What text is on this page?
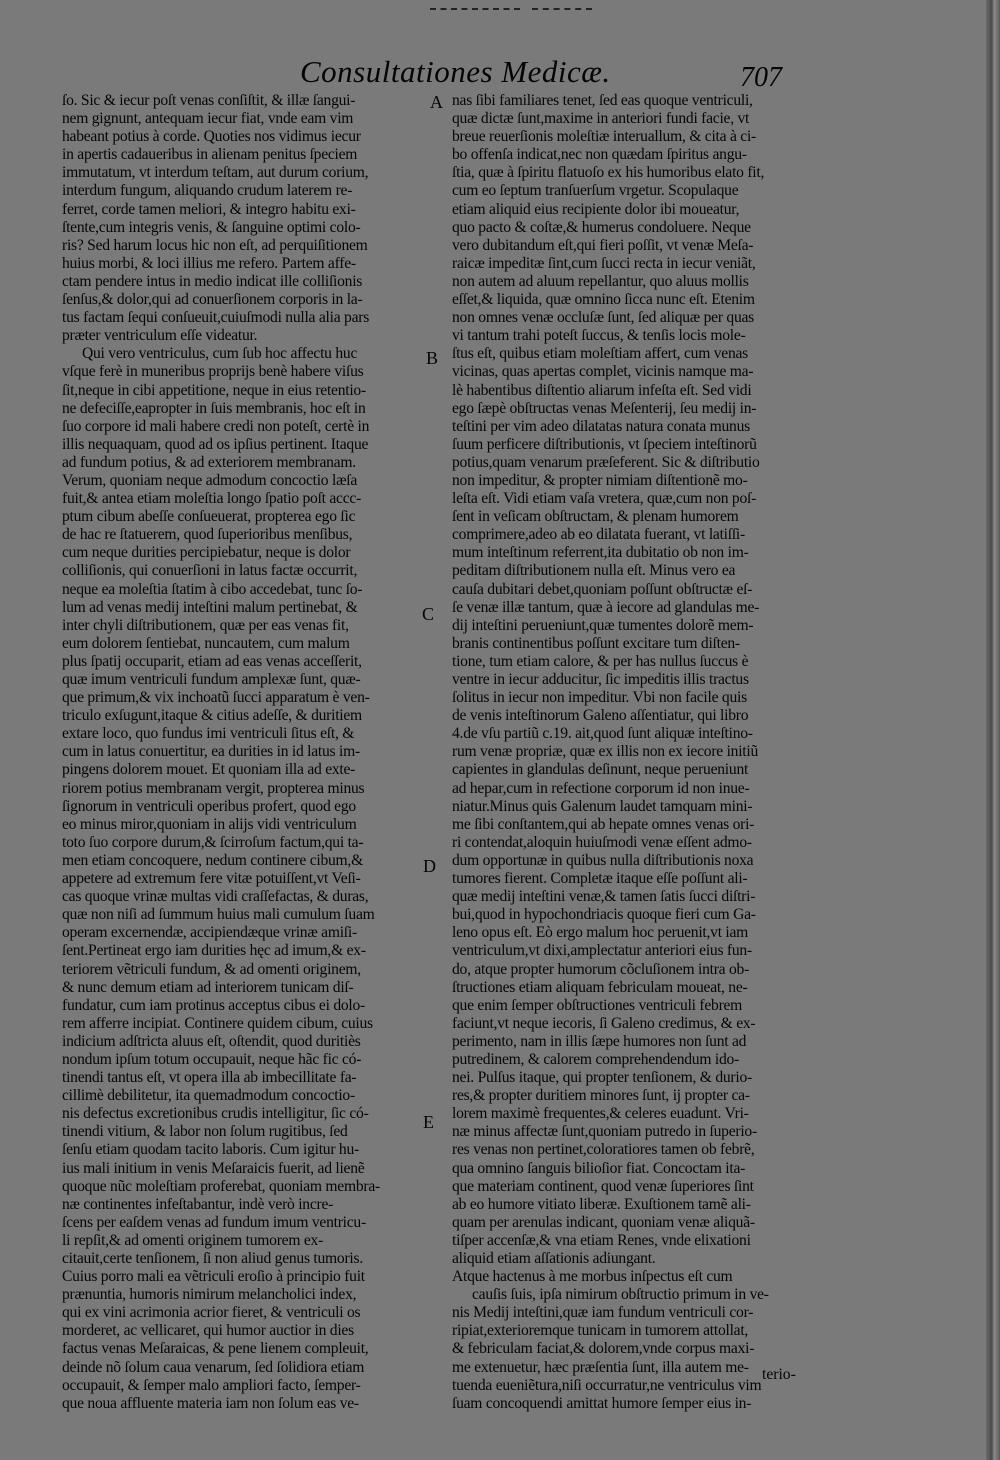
Consultationes Medicæ.	707
ſo. Sic & iecur poſt venas conſiſtit, & illæ ſangui-
nem gignunt, antequam iecur fiat, vnde eam vim
habeant potius à corde. Quoties nos vidimus iecur
in apertis cadaueribus in alienam penitus ſpeciem
immutatum, vt interdum teſtam, aut durum corium,
interdum fungum, aliquando crudum laterem re-
ferret, corde tamen meliori, & integro habitu exi-
ſtente,cum integris venis, & ſanguine optimi colo-
ris? Sed harum locus hic non eſt, ad perquiſitionem
huius morbi, & loci illius me refero. Partem affe-
ctam pendere intus in medio indicat ille colliſionis
ſenſus,& dolor,qui ad conuerſionem corporis in la-
tus factam ſequi conſueuit,cuiuſmodi nulla alia pars
præter ventriculum eſſe videatur.
Qui vero ventriculus, cum ſub hoc affectu huc
vſque ferè in muneribus proprijs benè habere viſus
ſit,neque in cibi appetitione, neque in eius retentio-
ne defeciſſe,eapropter in ſuis membranis, hoc eſt in
ſuo corpore id mali habere credi non poteſt, certè in
illis nequaquam, quod ad os ipſius pertinent. Itaque
ad fundum potius, & ad exteriorem membranam.
Verum, quoniam neque admodum concoctio læſa
fuit,& antea etiam moleſtia longo ſpatio poſt accc-
ptum cibum abeſſe conſueuerat, propterea ego ſic
de hac re ſtatuerem, quod ſuperioribus menſibus,
cum neque durities percipiebatur, neque is dolor
colliſionis, qui conuerſioni in latus factæ occurrit,
neque ea moleſtia ſtatim à cibo accedebat, tunc ſo-
lum ad venas medij inteſtini malum pertinebat, &
inter chyli diſtributionem, quæ per eas venas fit,
eum dolorem ſentiebat, nuncautem, cum malum
plus ſpatij occuparit, etiam ad eas venas acceſſerit,
quæ imum ventriculi fundum amplexæ ſunt, quæ-
que primum,& vix inchoatũ ſucci apparatum è ven-
triculo exſugunt,itaque & citius adeſſe, & duritiem
extare loco, quo fundus imi ventriculi ſitus eſt, &
cum in latus conuertitur, ea durities in id latus im-
pingens dolorem mouet. Et quoniam illa ad exte-
riorem potius membranam vergit, propterea minus
ſignorum in ventriculi operibus profert, quod ego
eo minus miror,quoniam in alijs vidi ventriculum
toto ſuo corpore durum,& ſcirroſum factum,qui ta-
men etiam concoquere, nedum continere cibum,&
appetere ad extremum fere vitæ potuiſſent,vt Veſi-
cas quoque vrinæ multas vidi craſſefactas, & duras,
quæ non niſi ad ſummum huius mali cumulum ſuam
operam excernendæ, accipiendæque vrinæ amiſi-
ſent.Pertineat ergo iam durities hęc ad imum,& ex-
teriorem vẽtriculi fundum, & ad omenti originem,
& nunc demum etiam ad interiorem tunicam diſ-
fundatur, cum iam protinus acceptus cibus ei dolo-
rem afferre incipiat. Continere quidem cibum, cuius
indicium adſtricta aluus eſt, oſtendit, quod duritiès
nondum ipſum totum occupauit, neque hãc fic có-
tinendi tantus eſt, vt opera illa ab imbecillitate fa-
cillimè debilitetur, ita quemadmodum concoctio-
nis defectus excretionibus crudis intelligitur, ſic có-
tinendi vitium, & labor non ſolum rugitibus, ſed
ſenſu etiam quodam tacito laboris. Cum igitur hu-
ius mali initium in venis Meſaraicis fuerit, ad lienẽ
quoque nũc moleſtiam proferebat, quoniam membra-
næ continentes infeſtabantur, indè verò incre-
ſcens per eaſdem venas ad fundum imum ventricu-
li repſit,& ad omenti originem tumorem ex-
citauit,certe tenſionem, ſi non aliud genus tumoris.
Cuius porro mali ea vẽtriculi eroſio à principio fuit
prænuntia, humoris nimirum melancholici index,
qui ex vini acrimonia acrior fieret, & ventriculi os
morderet, ac vellicaret, qui humor auctior in dies
factus venas Meſaraicas, & pene lienem compleuit,
deinde nõ ſolum caua venarum, ſed ſolidiora etiam
occupauit, & ſemper malo ampliori facto, ſemper-
que noua affluente materia iam non ſolum eas ve-
nas ſibi familiares tenet, ſed eas quoque ventriculi,
quæ dictæ ſunt,maxime in anteriori fundi facie, vt
breue reuerſionis moleſtiæ interuallum, & cita à ci-
bo offenſa indicat,nec non quædam ſpiritus angu-
ſtia, quæ à ſpiritu flatuoſo ex his humoribus elato fit,
cum eo ſeptum tranſuerſum vrgetur. Scopulaque
etiam aliquid eius recipiente dolor ibi moueatur,
quo pacto & coſtæ,& humerus condoluere. Neque
vero dubitandum eſt,qui fieri poſſit, vt venæ Meſa-
raicæ impeditæ ſint,cum ſucci recta in iecur veniãt,
non autem ad aluum repellantur, quo aluus mollis
eſſet,& liquida, quæ omnino ſicca nunc eſt. Etenim
non omnes venæ occluſæ ſunt, ſed aliquæ per quas
vi tantum trahi poteſt ſuccus, & tenſis locis mole-
ſtus eſt, quibus etiam moleſtiam affert, cum venas
vicinas, quas apertas complet, vicinis namque ma-
lè habentibus diſtentio aliarum infeſta eſt. Sed vidi
ego ſæpè obſtructas venas Meſenterij, ſeu medij in-
teſtini per vim adeo dilatatas natura conata munus
ſuum perficere diſtributionis, vt ſpeciem inteſtinorũ
potius,quam venarum præſeferent. Sic & diſtributio
non impeditur, & propter nimiam diſtentionẽ mo-
leſta eſt. Vidi etiam vaſa vreterа, quæ,cum non poſ-
ſent in veſicam obſtructam, & plenam humorem
comprimere,adeo ab eo dilatata fuerant, vt latiſſi-
mum inteſtinum referrent,ita dubitatio ob non im-
peditam diſtributionem nulla eſt. Minus vero ea
cauſa dubitari debet,quoniam poſſunt obſtructæ eſ-
ſe venæ illæ tantum, quæ à iecore ad glandulas me-
dij inteſtini perueniunt,quæ tumentes dolorẽ mem-
branis continentibus poſſunt excitare tum diſten-
tione, tum etiam calore, & per has nullus ſuccus è
ventre in iecur adducitur, ſic impeditis illis tractus
ſolitus in iecur non impeditur. Vbi non facile quis
de venis inteſtinorum Galeno aſſentiatur, qui libro
4.de vſu partiũ c.19. ait,quod ſunt aliquæ inteſtino-
rum venæ propriæ, quæ ex illis non ex iecore initiũ
capientes in glandulas deſinunt, neque perueniunt
ad hepar,cum in refectione corporum id non inue-
niatur.Minus quis Galenum laudet tamquam mini-
me ſibi conſtantem,qui ab hepate omnes venas ori-
ri contendat,aloquin huiuſmodi venæ eſſent admo-
dum opportunæ in quibus nulla diſtributionis noxa
tumores fierent. Completæ itaque eſſe poſſunt ali-
quæ medij inteſtini venæ,& tamen ſatis ſucci diſtri-
bui,quod in hypochondriacis quoque fieri cum Ga-
leno opus eſt. Eò ergo malum hoc peruenit,vt iam
ventriculum,vt dixi,amplectatur anteriori eius fun-
do, atque propter humorum cõcluſionem intra ob-
ſtructiones etiam aliquam febriculam moueat, ne-
que enim ſemper obſtructiones ventriculi febrem
faciunt,vt neque iecoris, ſi Galeno credimus, & ex-
perimento, nam in illis ſæpe humores non ſunt ad
putredinem, & calorem comprehendendum ido-
nei. Pulſus itaque, qui propter tenſionem, & durio-
res,& propter duritiem minores ſunt, ij propter ca-
lorem maximè frequentes,& celeres euadunt. Vri-
næ minus affectæ ſunt,quoniam putredo in ſuperio-
res venas non pertinet,coloratiores tamen ob febrẽ,
qua omnino ſanguis bilioſior fiat. Concoctam ita-
que materiam continent, quod venæ ſuperiores ſint
ab eo humore vitiato liberæ. Exuſtionem tamẽ ali-
quam per arenulas indicant, quoniam venæ aliquã-
tiſper accenſæ,& vna etiam Renes, vnde elixationi
aliquid etiam aſſationis adiungant.
Atque hactenus à me morbus inſpectus eſt cum
cauſis ſuis, ipſa nimirum obſtructio primum in ve-
nis Medij inteſtini,quæ iam fundum ventriculi cor-
ripiat,exterioremque tunicam in tumorem attollat,
& febriculam faciat,& dolorem,vnde corpus maxi-
me extenuetur, hæc præſentia ſunt, illa autem me-
tuenda eueniẽtura,niſi occurratur,ne ventriculus vim
ſuam concoquendi amittat humore ſemper eius in-
A
B
C
D
E
terio-
